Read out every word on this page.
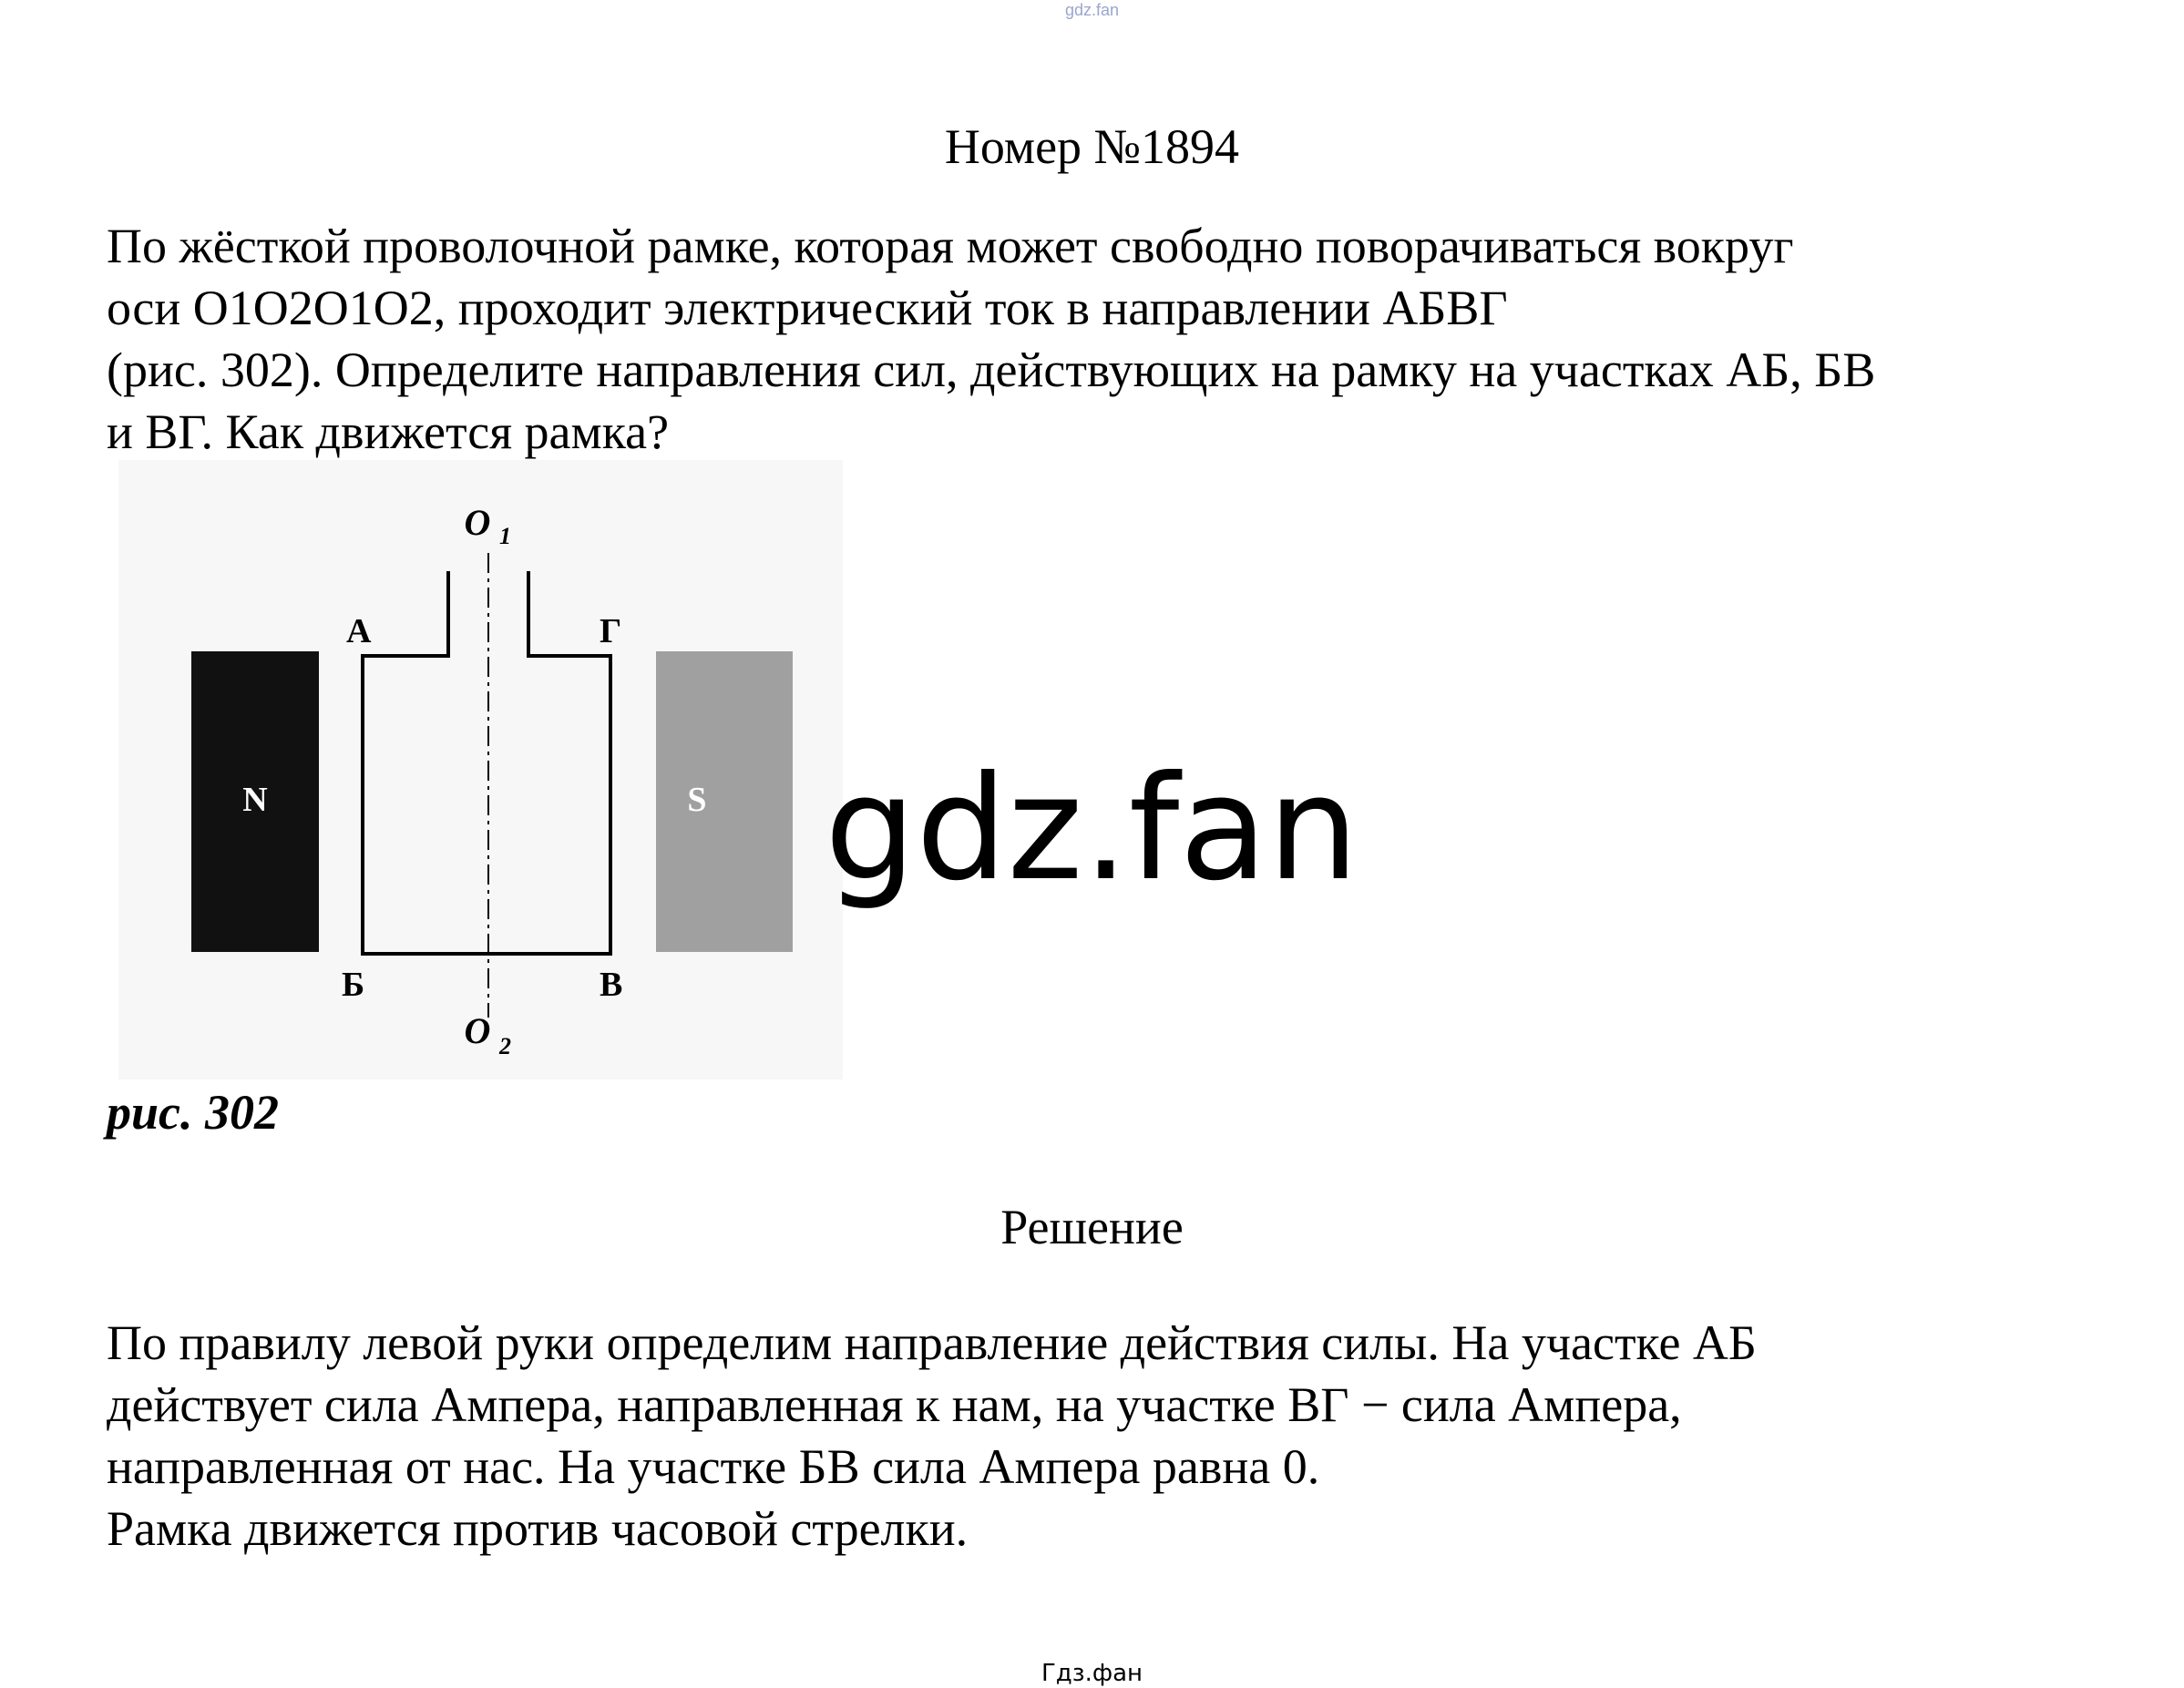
gdz.fan
Номер №1894
По жёсткой проволочной рамке, которая может свободно поворачиваться вокруг
оси O1O2O1O2, проходит электрический ток в направлении АБВГ
(рис. 302). Определите направления сил, действующих на рамку на участках АБ, БВ
и ВГ. Как движется рамка?
N	S
O 1
O 2
А
Б	В
Г
рис. 302
gdz.fan
Решение
По правилу левой руки определим направление действия силы. На участке АБ
действует сила Ампера, направленная к нам, на участке ВГ − сила Ампера,
направленная от нас. На участке БВ сила Ампера равна 0.
Рамка движется против часовой стрелки.
Гдз.фан
